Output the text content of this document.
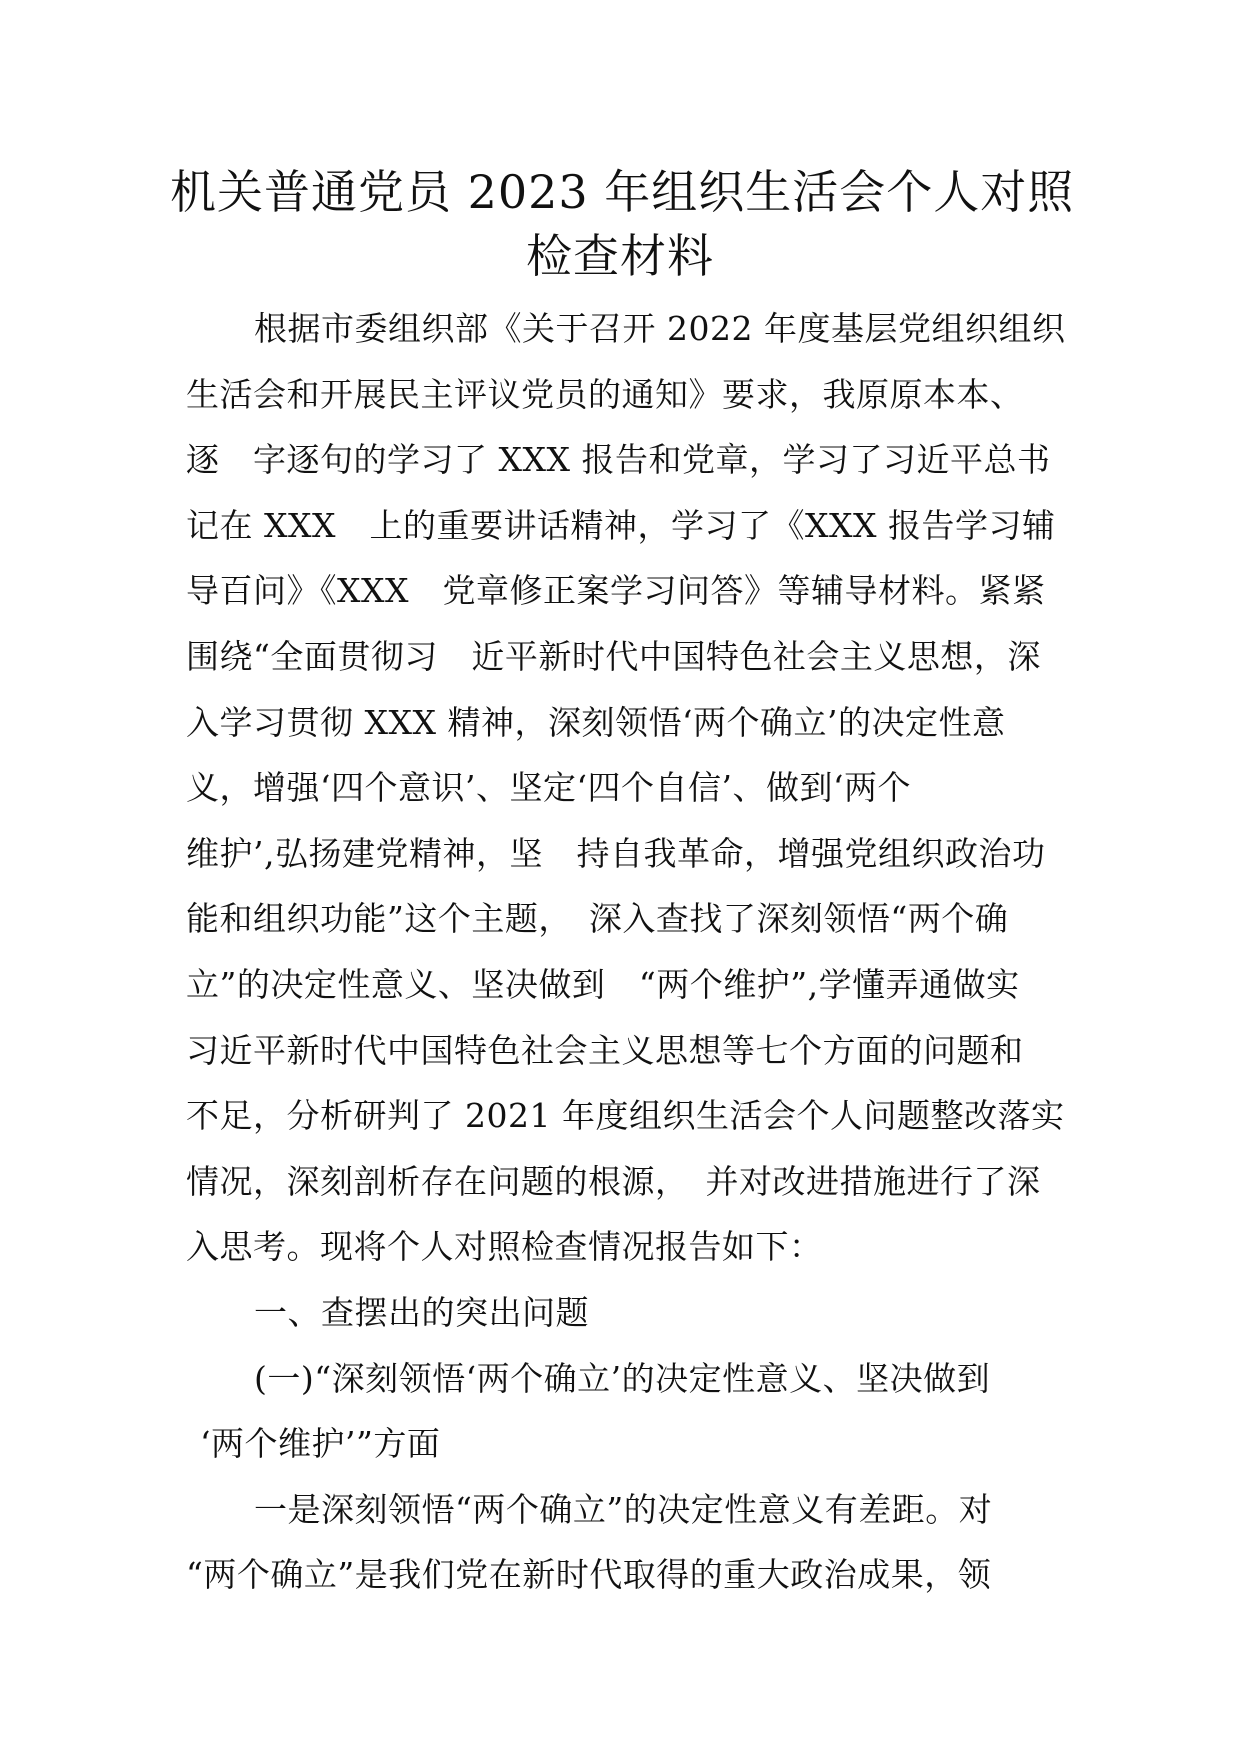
机关普通党员 2023 年组织生活会个人对照
检查材料
根据市委组织部《关于召开 2022 年度基层党组织组织
生活会和开展民主评议党员的通知》要求，我原原本本、
逐　字逐句的学习了 XXX 报告和党章，学习了习近平总书
记在 XXX　上的重要讲话精神，学习了《XXX 报告学习辅
导百问》《XXX　党章修正案学习问答》等辅导材料。紧紧
围绕“全面贯彻习　近平新时代中国特色社会主义思想，深
入学习贯彻 XXX 精神，深刻领悟‘两个确立’的决定性意
义，增强‘四个意识’、坚定‘四个自信’、做到‘两个
维护’,弘扬建党精神，坚　持自我革命，增强党组织政治功
能和组织功能”这个主题，　深入查找了深刻领悟“两个确
立”的决定性意义、坚决做到　“两个维护”,学懂弄通做实
习近平新时代中国特色社会主义思想等七个方面的问题和
不足，分析研判了 2021 年度组织生活会个人问题整改落实
情况，深刻剖析存在问题的根源，　并对改进措施进行了深
入思考。现将个人对照检查情况报告如下：
一、查摆出的突出问题
(一)“深刻领悟‘两个确立’的决定性意义、坚决做到
‘两个维护’”方面
一是深刻领悟“两个确立”的决定性意义有差距。对
“两个确立”是我们党在新时代取得的重大政治成果，领
